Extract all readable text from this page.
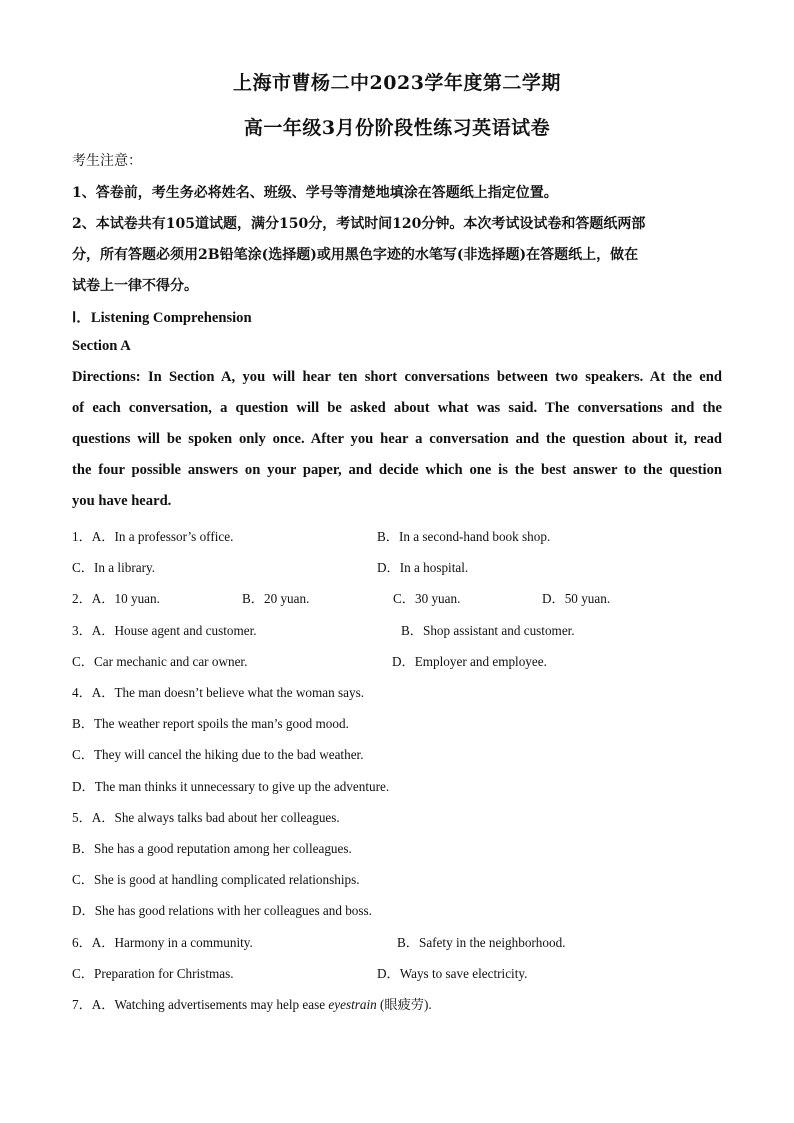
上海市曹杨二中2023学年度第二学期
高一年级3月份阶段性练习英语试卷
考生注意：
1、答卷前，考生务必将姓名、班级、学号等清楚地填涂在答题纸上指定位置。
2、本试卷共有105道试题，满分150分，考试时间120分钟。本次考试设试卷和答题纸两部
分，所有答题必须用2B铅笔涂(选择题)或用黑色字迹的水笔写(非选择题)在答题纸上，做在
试卷上一律不得分。
Ⅰ．Listening Comprehension
Section A
Directions: In Section A, you will hear ten short conversations between two speakers. At the end
of each conversation, a question will be asked about what was said. The conversations and the
questions will be spoken only once. After you hear a conversation and the question about it, read
the four possible answers on your paper, and decide which one is the best answer to the question
you have heard.
1．A．In a professor’s office.	B．In a second-hand book shop.
C．In a library.	D．In a hospital.
2．A．10 yuan.	B．20 yuan.	C．30 yuan.	D．50 yuan.
3．A．House agent and customer.	B．Shop assistant and customer.
C．Car mechanic and car owner.	D．Employer and employee.
4．A．The man doesn’t believe what the woman says.
B．The weather report spoils the man’s good mood.
C．They will cancel the hiking due to the bad weather.
D．The man thinks it unnecessary to give up the adventure.
5．A．She always talks bad about her colleagues.
B．She has a good reputation among her colleagues.
C．She is good at handling complicated relationships.
D．She has good relations with her colleagues and boss.
6．A．Harmony in a community.	B．Safety in the neighborhood.
C．Preparation for Christmas.	D．Ways to save electricity.
7．A．Watching advertisements may help ease eyestrain (眼疲劳).
